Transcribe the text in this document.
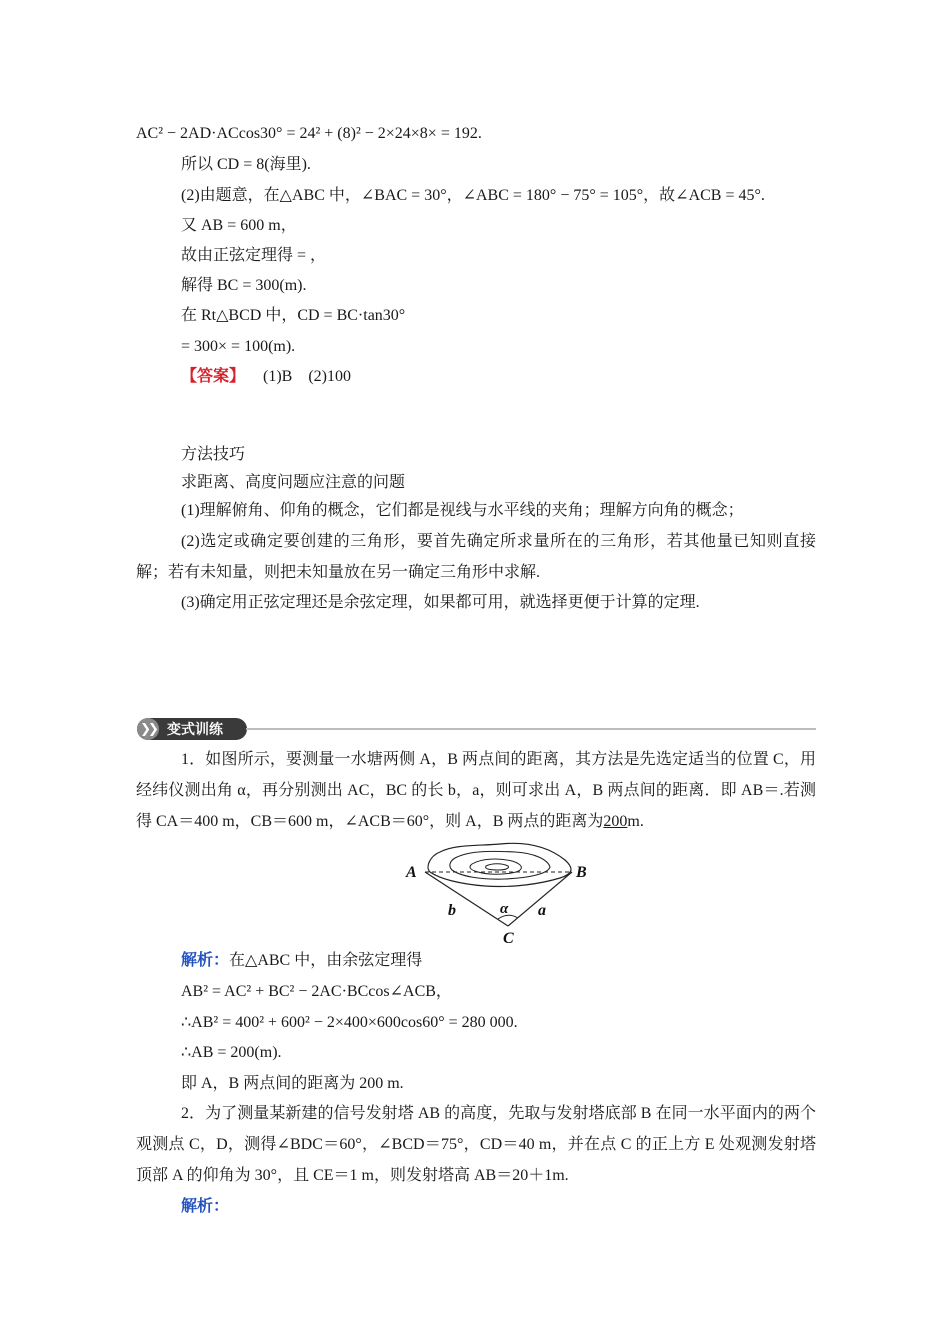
AC² − 2AD·ACcos30° = 24² + (8)² − 2×24×8× = 192.
所以 CD = 8(海里).
(2)由题意，在△ABC 中，∠BAC = 30°，∠ABC = 180° − 75° = 105°，故∠ACB = 45°.
又 AB = 600 m，
故由正弦定理得 = ，
解得 BC = 300(m).
在 Rt△BCD 中，CD = BC·tan30°
= 300× = 100(m).
【答案】 (1)B　(2)100
方法技巧
求距离、高度问题应注意的问题
(1)理解俯角、仰角的概念，它们都是视线与水平线的夹角；理解方向角的概念；
(2)选定或确定要创建的三角形，要首先确定所求量所在的三角形，若其他量已知则直接解；若有未知量，则把未知量放在另一确定三角形中求解.
(3)确定用正弦定理还是余弦定理，如果都可用，就选择更便于计算的定理.
❯❯ 变式训练
1．如图所示，要测量一水塘两侧 A，B 两点间的距离，其方法是先选定适当的位置 C，用经纬仪测出角 α，再分别测出 AC，BC 的长 b，a，则可求出 A，B 两点间的距离．即 AB＝.若测得 CA＝400 m，CB＝600 m，∠ACB＝60°，则 A，B 两点的距离为200m.
A	B
C
b	a
α
解析：在△ABC 中，由余弦定理得
AB² = AC² + BC² − 2AC·BCcos∠ACB，
∴AB² = 400² + 600² − 2×400×600cos60° = 280 000.
∴AB = 200(m).
即 A，B 两点间的距离为 200 m.
2．为了测量某新建的信号发射塔 AB 的高度，先取与发射塔底部 B 在同一水平面内的两个观测点 C，D，测得∠BDC＝60°，∠BCD＝75°，CD＝40 m，并在点 C 的正上方 E 处观测发射塔顶部 A 的仰角为 30°，且 CE＝1 m，则发射塔高 AB＝20＋1m.
解析：
